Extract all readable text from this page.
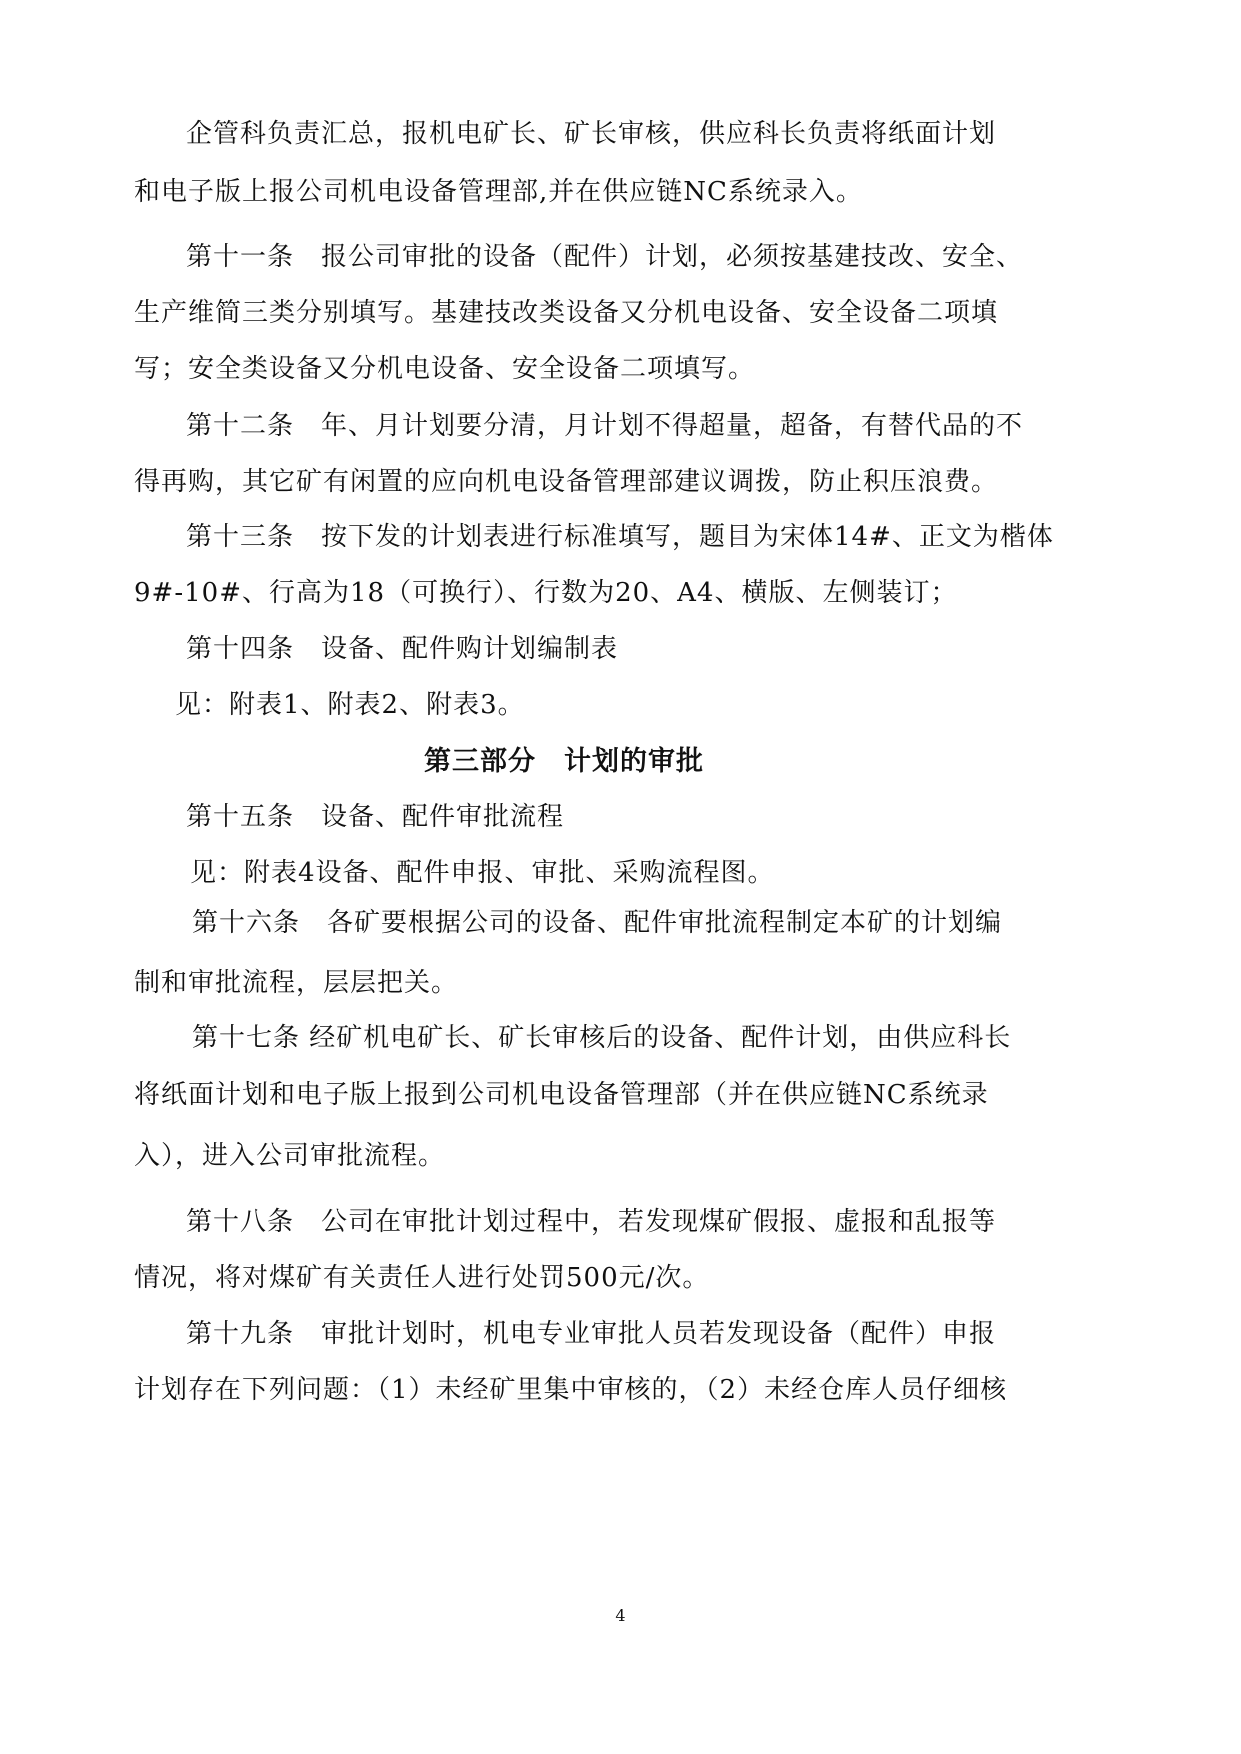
企管科负责汇总，报机电矿长、矿长审核，供应科长负责将纸面计划
和电子版上报公司机电设备管理部,并在供应链NC系统录入。
第十一条　报公司审批的设备（配件）计划，必须按基建技改、安全、
生产维简三类分别填写。基建技改类设备又分机电设备、安全设备二项填
写；安全类设备又分机电设备、安全设备二项填写。
第十二条　年、月计划要分清，月计划不得超量，超备，有替代品的不
得再购，其它矿有闲置的应向机电设备管理部建议调拨，防止积压浪费。
第十三条　按下发的计划表进行标准填写，题目为宋体14#、正文为楷体
9#-10#、行高为18（可换行）、行数为20、A4、横版、左侧装订；
第十四条　设备、配件购计划编制表
见：附表1、附表2、附表3。
第三部分　计划的审批
第十五条　设备、配件审批流程
见：附表4设备、配件申报、审批、采购流程图。
第十六条　各矿要根据公司的设备、配件审批流程制定本矿的计划编
制和审批流程，层层把关。
第十七条 经矿机电矿长、矿长审核后的设备、配件计划，由供应科长
将纸面计划和电子版上报到公司机电设备管理部（并在供应链NC系统录
入），进入公司审批流程。
第十八条　公司在审批计划过程中，若发现煤矿假报、虚报和乱报等
情况，将对煤矿有关责任人进行处罚500元/次。
第十九条　审批计划时，机电专业审批人员若发现设备（配件）申报
计划存在下列问题：（1）未经矿里集中审核的，（2）未经仓库人员仔细核
4
